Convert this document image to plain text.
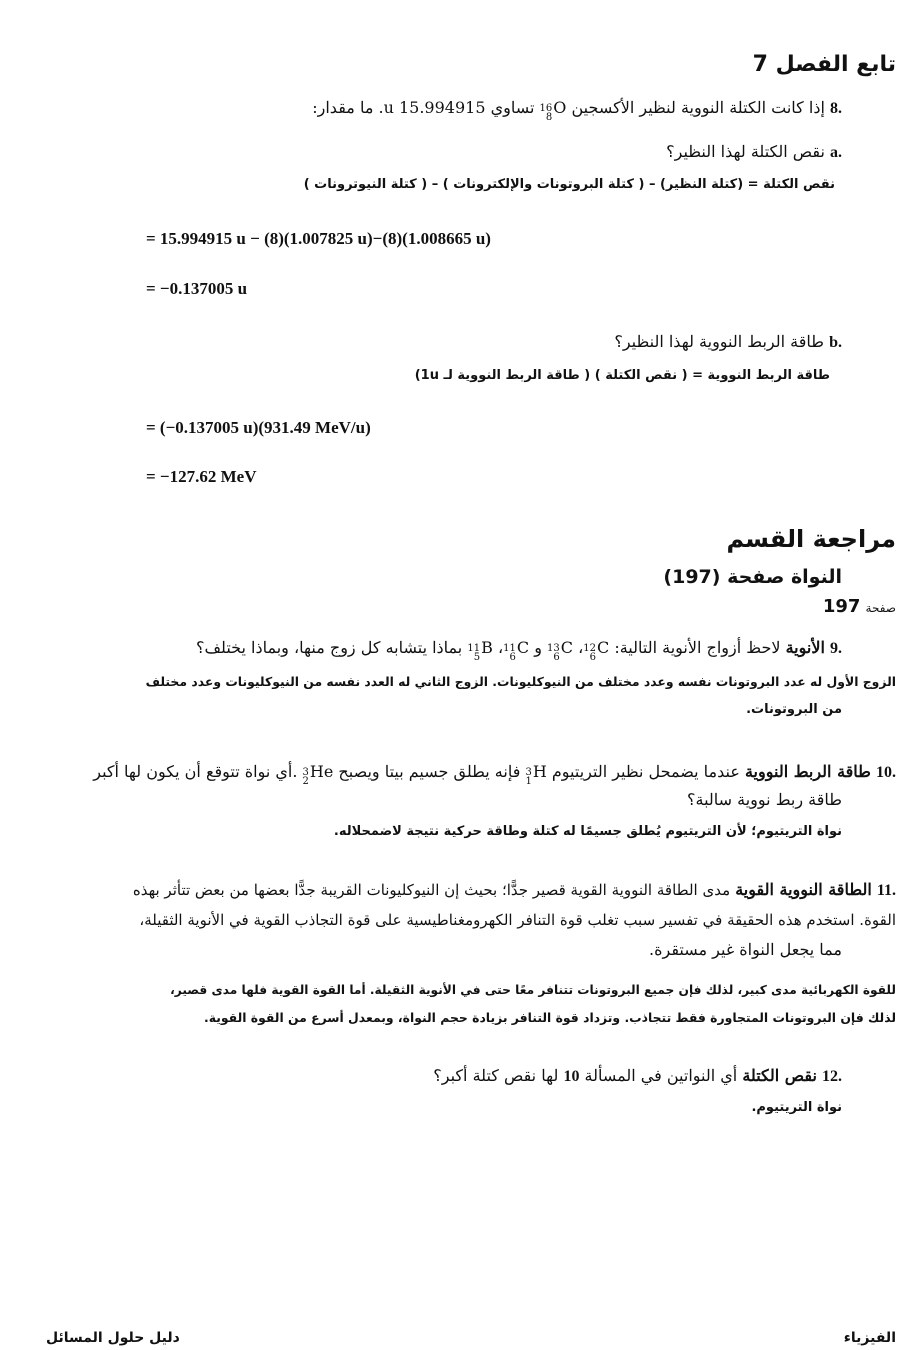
تابع الفصل 7
.8 إذا كانت الكتلة النووية لنظير الأكسجين
16
8
O
تساوي 15.994915 u. ما مقدار:
.a نقص الكتلة لهذا النظير؟
نقص الكتلة = (كتلة النظير) – ( كتلة البروتونات والإلكترونات ) – ( كتلة النيوترونات )
= 15.994915 u − (8)(1.007825 u)−(8)(1.008665 u)
= −0.137005 u
.b طاقة الربط النووية لهذا النظير؟
طاقة الربط النووية = ( نقص الكتلة ) ( طاقة الربط النووية لـ 1u)
= (−0.137005 u)(931.49 MeV/u)
= −127.62 MeV
مراجعة القسم
النواة صفحة (197)
صفحة 197
.9 الأنوية لاحظ أزواج الأنوية التالية:
12
6
C
،
13
6
C
و
11
6
C
،
11
5
B
بماذا يتشابه كل زوج منها، وبماذا يختلف؟
الزوج الأول له عدد البروتونات نفسه وعدد مختلف من النيوكليونات. الزوج الثاني له العدد نفسه من النيوكليونات وعدد مختلف
من البروتونات.
.10 طاقة الربط النووية عندما يضمحل نظير التريتيوم
3
1
H
فإنه يطلق جسيم بيتا ويصبح
3
2
He
.أي نواة تتوقع أن يكون لها أكبر
طاقة ربط نووية سالبة؟
نواة التريتيوم؛ لأن التريتيوم يُطلق جسيمًا له كتلة وطاقة حركية نتيجة لاضمحلاله.
.11 الطاقة النووية القوية مدى الطاقة النووية القوية قصير جدًّا؛ بحيث إن النيوكليونات القريبة جدًّا بعضها من بعض تتأثر بهذه
القوة. استخدم هذه الحقيقة في تفسير سبب تغلب قوة التنافر الكهرومغناطيسية على قوة التجاذب القوية في الأنوية الثقيلة،
مما يجعل النواة غير مستقرة.
للقوة الكهربائية مدى كبير، لذلك فإن جميع البروتونات تتنافر معًا حتى في الأنوية الثقيلة. أما القوة القوية فلها مدى قصير،
لذلك فإن البروتونات المتجاورة فقط تتجاذب. وتزداد قوة التنافر بزيادة حجم النواة، وبمعدل أسرع من القوة القوية.
.12 نقص الكتلة أي النواتين في المسألة 10 لها نقص كتلة أكبر؟
نواة التريتيوم.
الفيزياء
دليل حلول المسائل
